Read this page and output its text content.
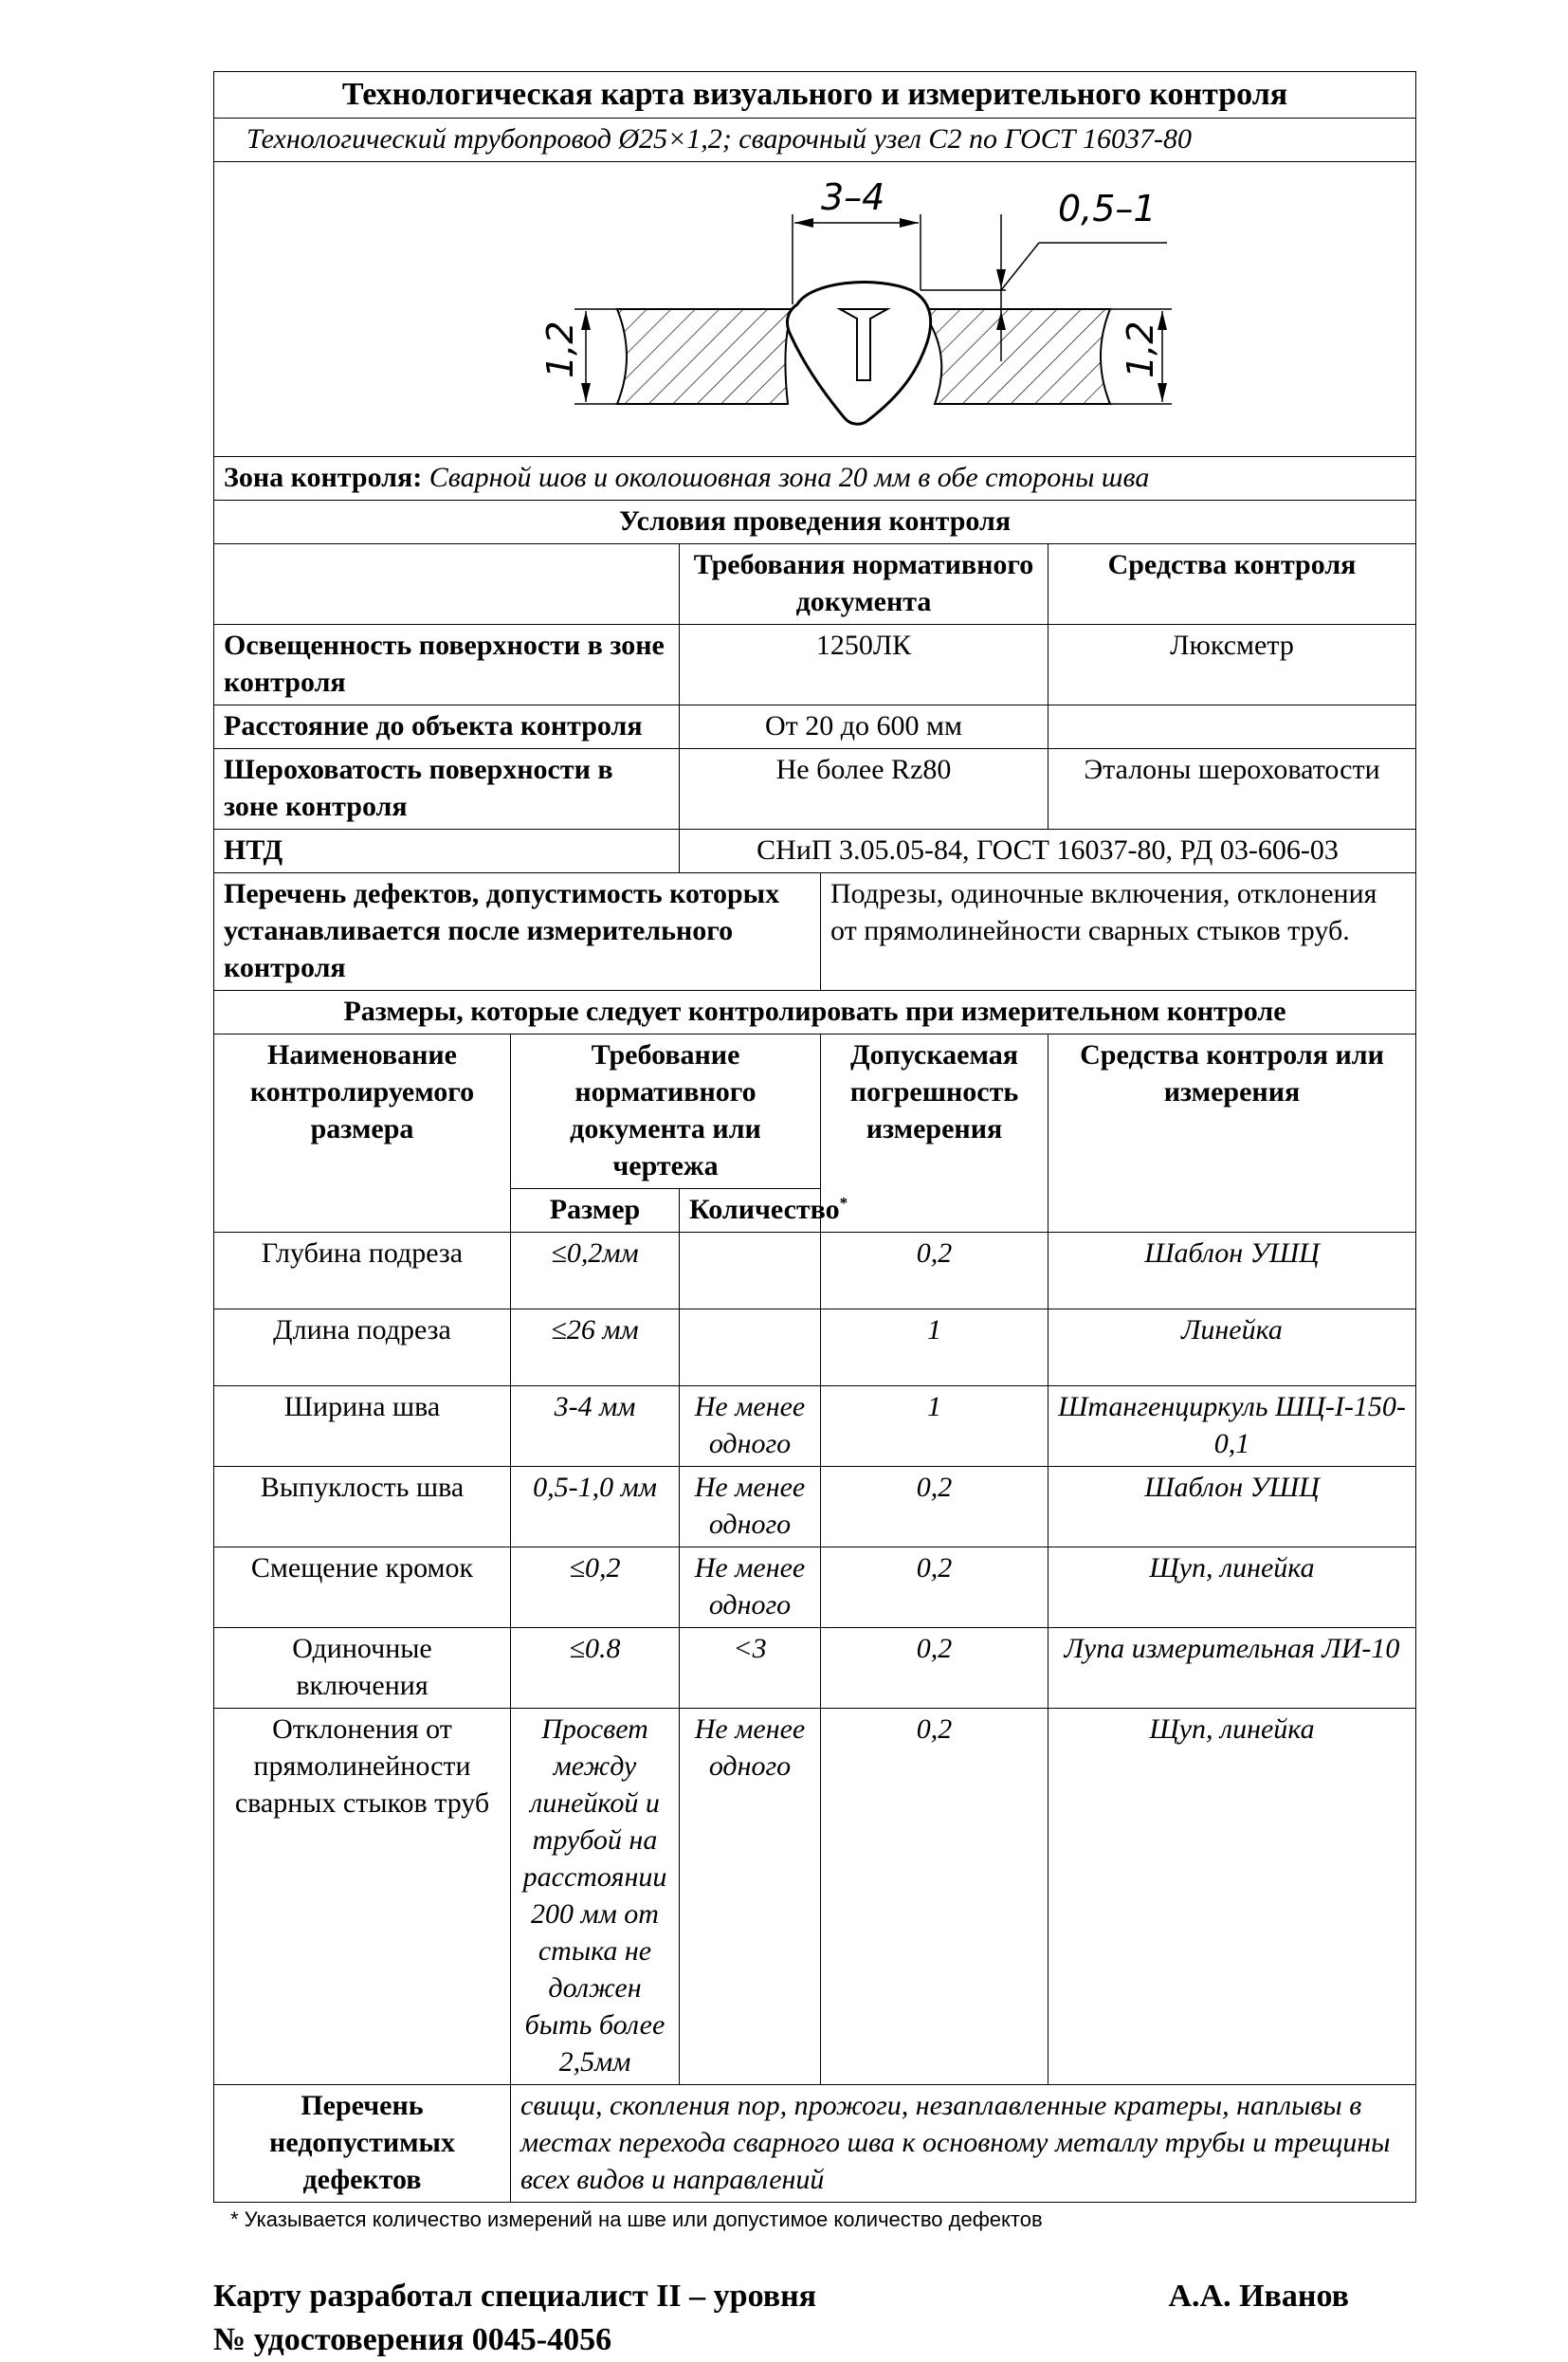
Технологическая карта визуального и измерительного контроля				
Технологический трубопровод Ø25×1,2; сварочный узел С2 по ГОСТ 16037-80				

3–4 0,5–1
1,2 1,2				

Зона контроля: Сварной шов и околошовная зона 20 мм в обе стороны шва				
Условия проведения контроля				
		Требования нормативного документа		Средства контроля
Освещенность поверхности в зоне контроля		1250ЛК		Люксметр
Расстояние до объекта контроля		От 20 до 600 мм		
Шероховатость поверхности в зоне контроля		Не более Rz80		Эталоны шероховатости
НТД		СНиП 3.05.05-84, ГОСТ 16037-80, РД 03-606-03		
Перечень дефектов, допустимость которых устанавливается после измерительного контроля			Подрезы, одиночные включения, отклонения от прямолинейности сварных стыков труб.	
Размеры, которые следует контролировать при измерительном контроле				
Наименование контролируемого размера	Требование нормативного документа или чертежа		Допускаемая погрешность измерения	Средства контроля или измерения
	Размер	Количество*
Глубина подреза	≤0,2мм		0,2	Шаблон УШЦ
Длина подреза	≤26 мм		1	Линейка
Ширина шва	3-4 мм	Не менее одного	1	Штангенциркуль ШЦ-I-150-0,1
Выпуклость шва	0,5-1,0 мм	Не менее одного	0,2	Шаблон УШЦ
Смещение кромок	≤0,2	Не менее одного	0,2	Щуп, линейка
Одиночные включения	≤0.8	<3	0,2	Лупа измерительная ЛИ-10
Отклонения от прямолинейности сварных стыков труб	Просвет между линейкой и трубой на расстоянии 200 мм от стыка не должен быть более 2,5мм	Не менее одного	0,2	Щуп, линейка
Перечень недопустимых дефектов	свищи, скопления пор, прожоги, незаплавленные кратеры, наплывы в местах перехода сварного шва к основному металлу трубы и трещины всех видов и направлений			
* Указывается количество измерений на шве или допустимое количество дефектов
Карту разработал специалист II – уровня	А.А. Иванов
№ удостоверения 0045-4056
